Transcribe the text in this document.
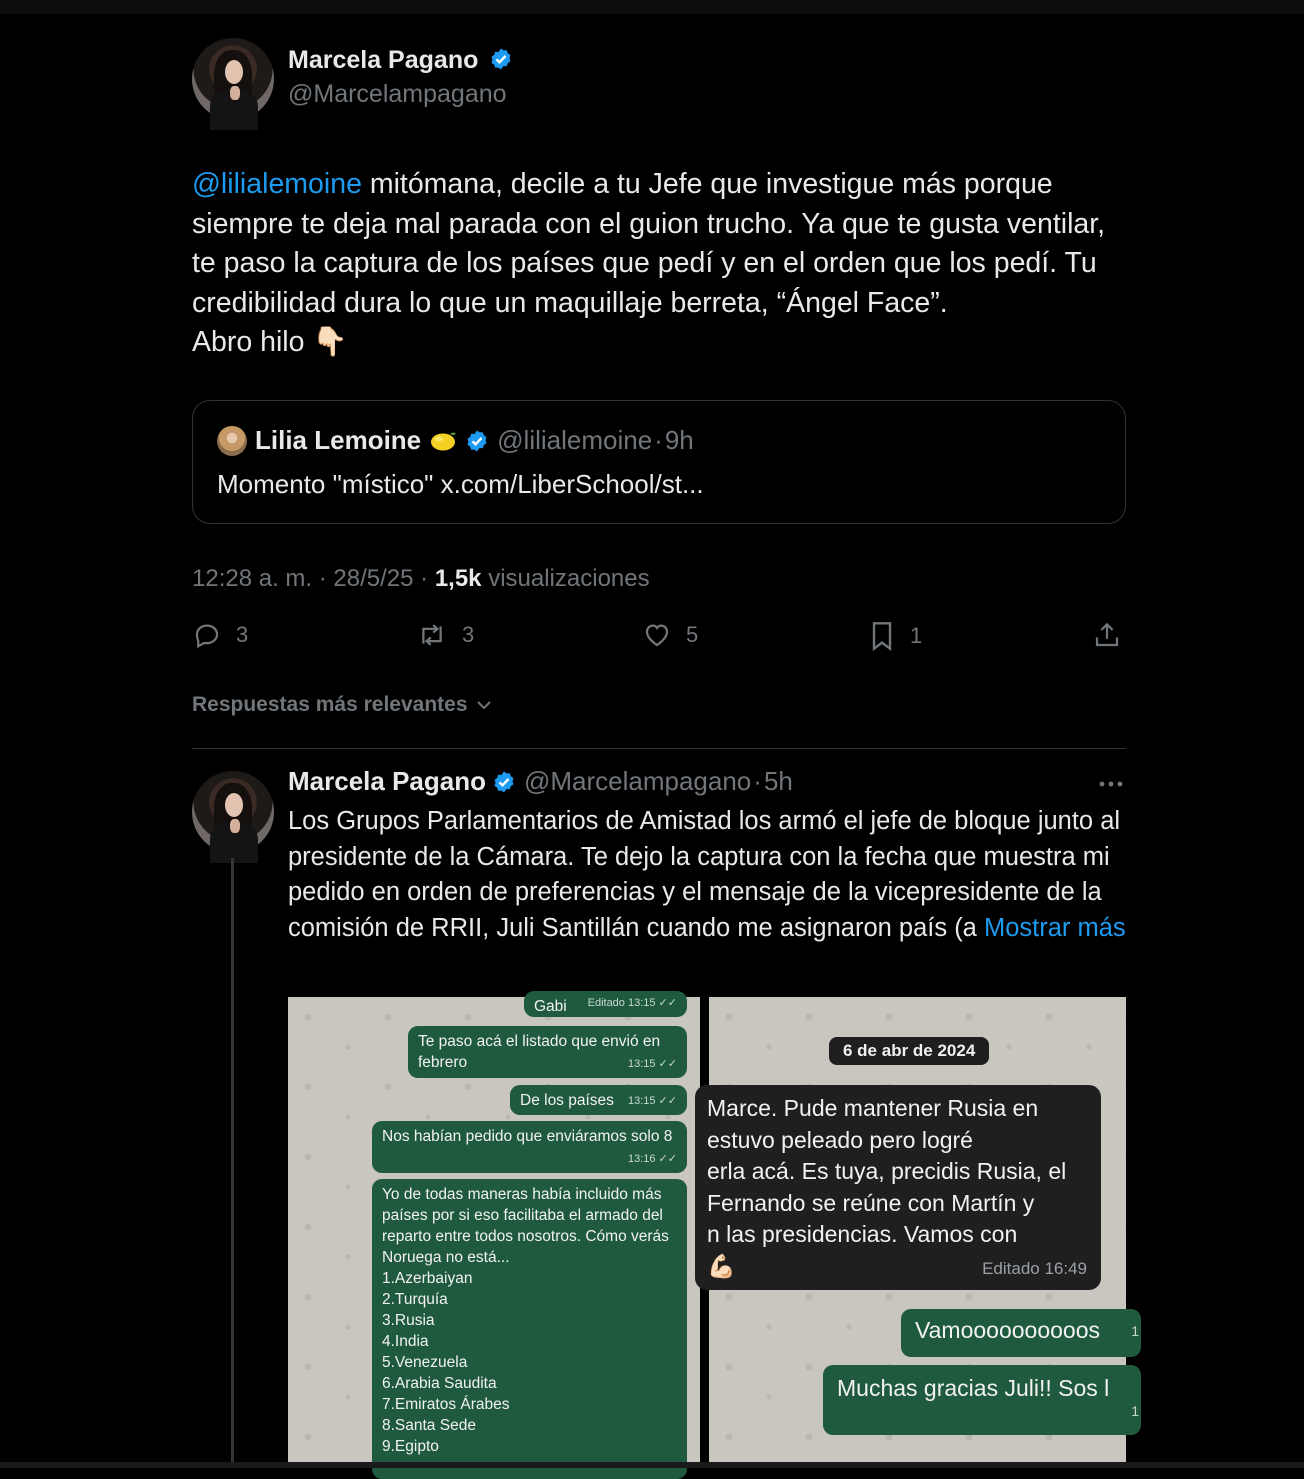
Marcela Pagano
@Marcelampagano
@lilialemoine mitómana, decile a tu Jefe que investigue más porque siempre te deja mal parada con el guion trucho. Ya que te gusta ventilar, te paso la captura de los países que pedí y en el orden que los pedí. Tu credibilidad dura lo que un maquillaje berreta, “Ángel Face”.
Abro hilo 👇🏻
Lilia Lemoine	@lilialemoine · 9h
Momento "místico" x.com/LiberSchool/st...
12:28 a. m. · 28/5/25 · 1,5k visualizaciones
3	3	5	1
Respuestas más relevantes
Marcela Pagano @Marcelampagano · 5h
Los Grupos Parlamentarios de Amistad los armó el jefe de bloque junto al presidente de la Cámara. Te dejo la captura con la fecha que muestra mi pedido en orden de preferencias y el mensaje de la vicepresidente de la comisión de RRII, Juli Santillán cuando me asignaron país (a Mostrar más
Gabi Editado 13:15 ✓✓
Te paso acá el listado que envió en febrero	13:15 ✓✓
De los países 13:15 ✓✓
Nos habían pedido que enviáramos solo 8
13:16 ✓✓
Yo de todas maneras había incluido más países por si eso facilitaba el armado del reparto entre todos nosotros. Cómo verás Noruega no está...
1.Azerbaiyan
2.Turquía
3.Rusia
4.India
5.Venezuela
6.Arabia Saudita
7.Emiratos Árabes
8.Santa Sede
9.Egipto
6 de abr de 2024
Marce. Pude mantener Rusia en
estuvo peleado pero logré
erla acá. Es tuya, precidis Rusia, el
Fernando se reúne con Martín y
n las presidencias. Vamos con
💪🏻	Editado 16:49
Vamoooooooooos 1
Muchas gracias Juli!! Sos l
1
